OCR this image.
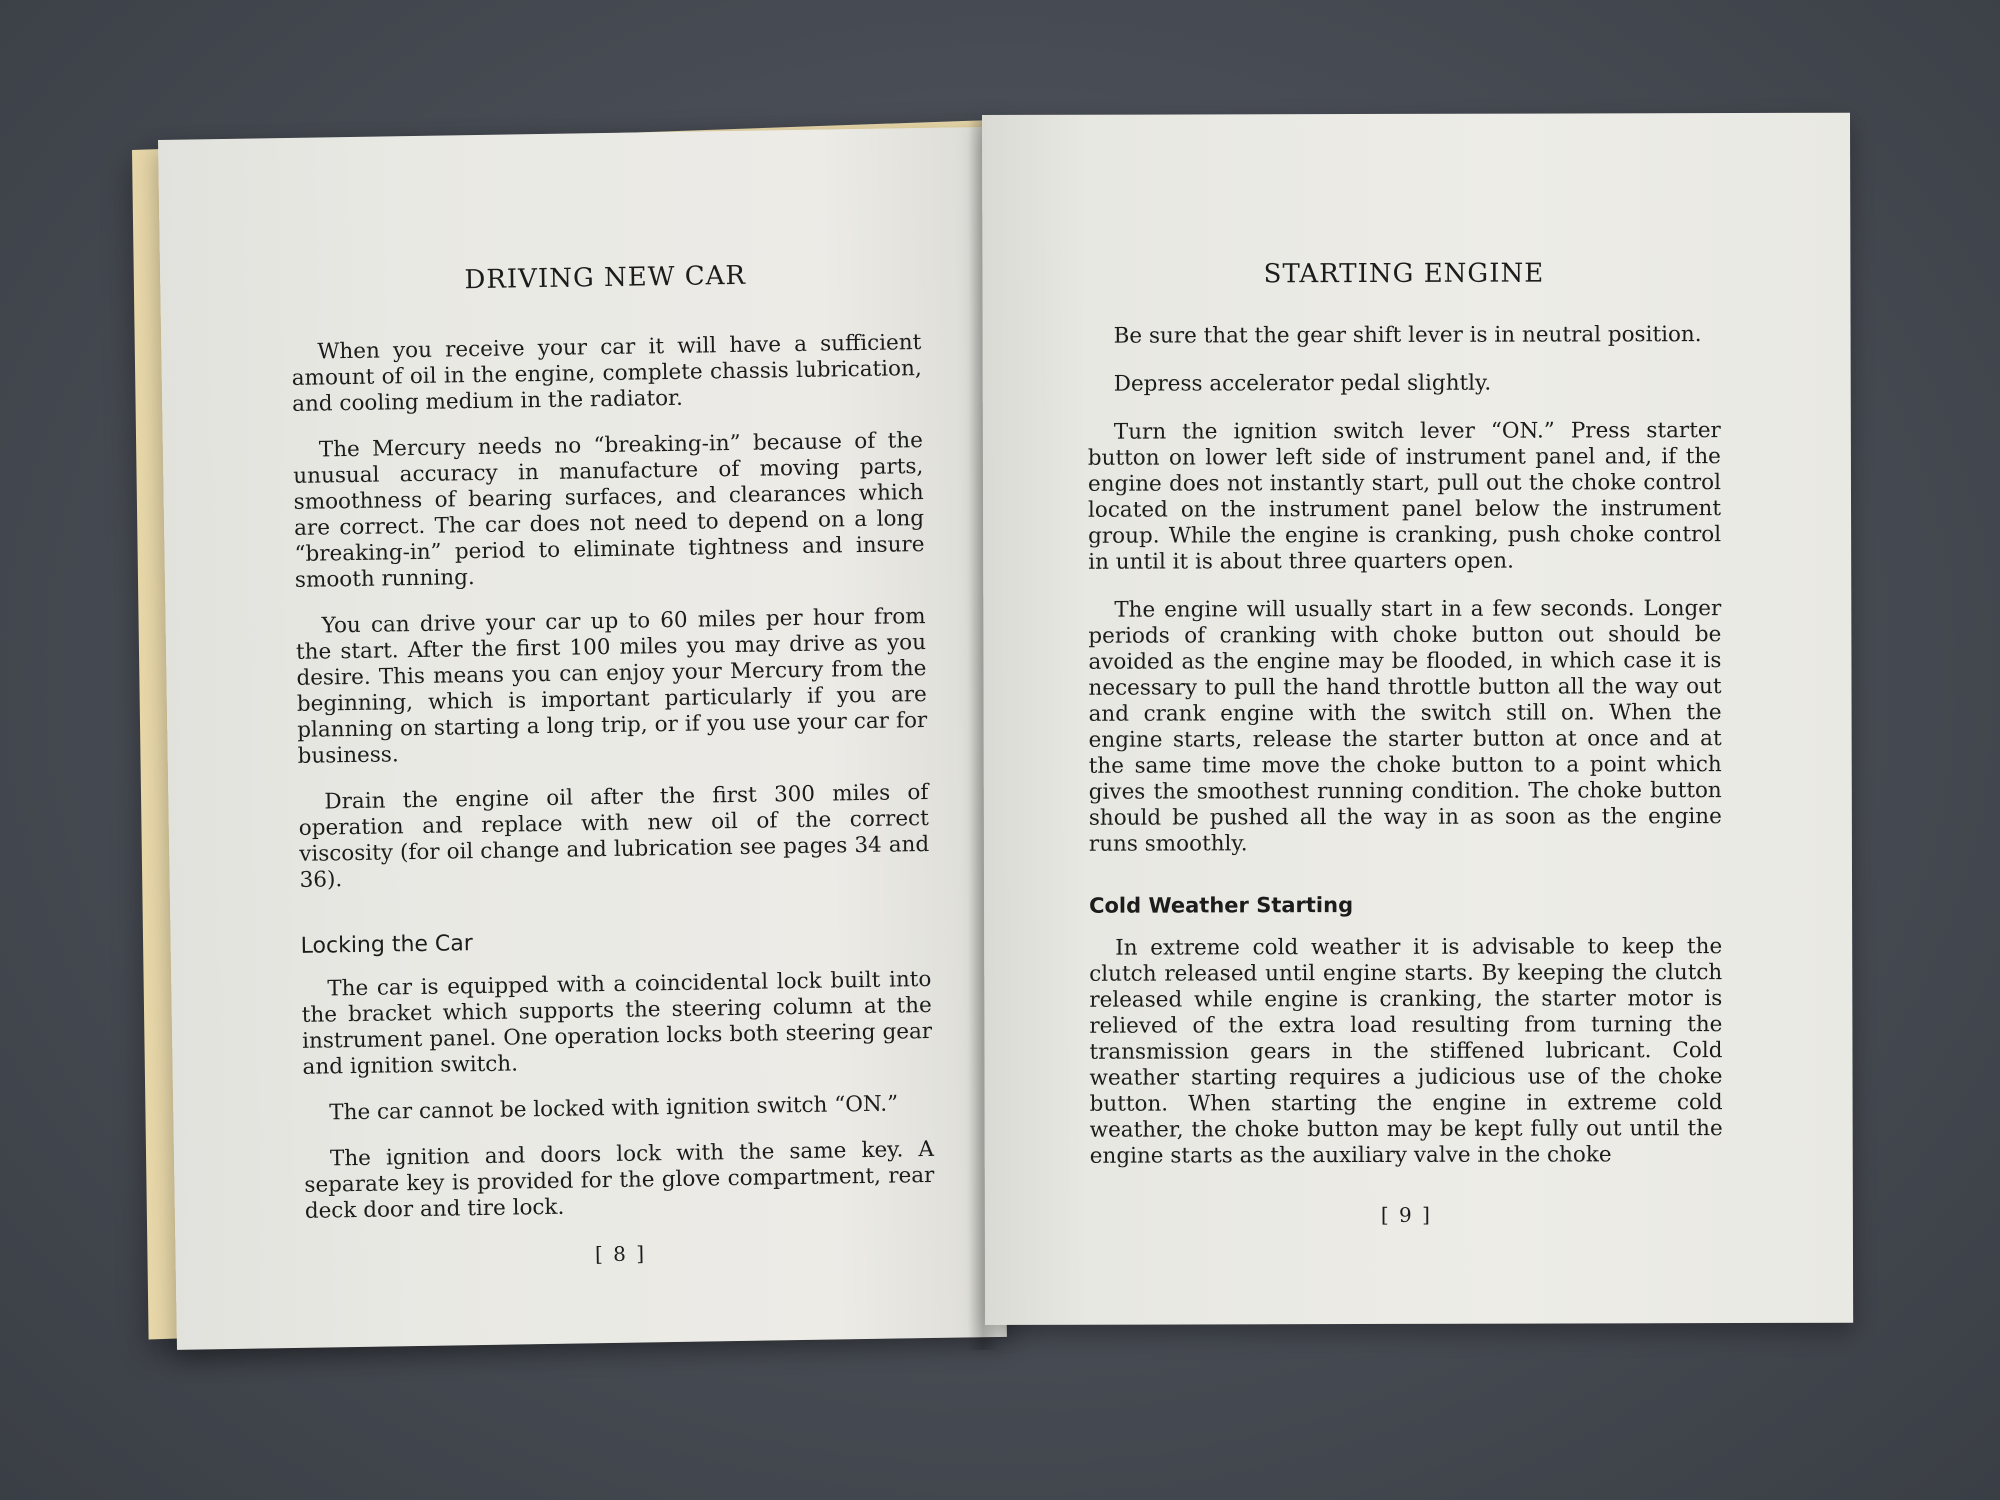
DRIVING NEW CAR

When you receive your car it will have a sufficient amount of oil in the engine, complete chassis lubrication, and cooling medium in the radiator.

The Mercury needs no “breaking-in” because of the unusual accuracy in manufacture of moving parts, smoothness of bearing surfaces, and clearances which are correct. The car does not need to depend on a long “breaking-in” period to eliminate tightness and insure smooth running.

You can drive your car up to 60 miles per hour from the start. After the first 100 miles you may drive as you desire. This means you can enjoy your Mercury from the beginning, which is important particularly if you are planning on starting a long trip, or if you use your car for business.

Drain the engine oil after the first 300 miles of operation and replace with new oil of the correct viscosity (for oil change and lubrication see pages 34 and 36).

Locking the Car

The car is equipped with a coincidental lock built into the bracket which supports the steering column at the instrument panel. One operation locks both steering gear and ignition switch.

The car cannot be locked with ignition switch “ON.”

The ignition and doors lock with the same key. A separate key is provided for the glove compartment, rear deck door and tire lock.

[ 8 ]
STARTING ENGINE

Be sure that the gear shift lever is in neutral position.

Depress accelerator pedal slightly.

Turn the ignition switch lever “ON.” Press starter button on lower left side of instrument panel and, if the engine does not instantly start, pull out the choke control located on the instrument panel below the instrument group. While the engine is cranking, push choke control in until it is about three quarters open.

The engine will usually start in a few seconds. Longer periods of cranking with choke button out should be avoided as the engine may be flooded, in which case it is necessary to pull the hand throttle button all the way out and crank engine with the switch still on. When the engine starts, release the starter button at once and at the same time move the choke button to a point which gives the smoothest running condition. The choke button should be pushed all the way in as soon as the engine runs smoothly.

Cold Weather Starting

In extreme cold weather it is advisable to keep the clutch released until engine starts. By keeping the clutch released while engine is cranking, the starter motor is relieved of the extra load resulting from turning the transmission gears in the stiffened lubricant. Cold weather starting requires a judicious use of the choke button. When starting the engine in extreme cold weather, the choke button may be kept fully out until the engine starts as the auxiliary valve in the choke

[ 9 ]
